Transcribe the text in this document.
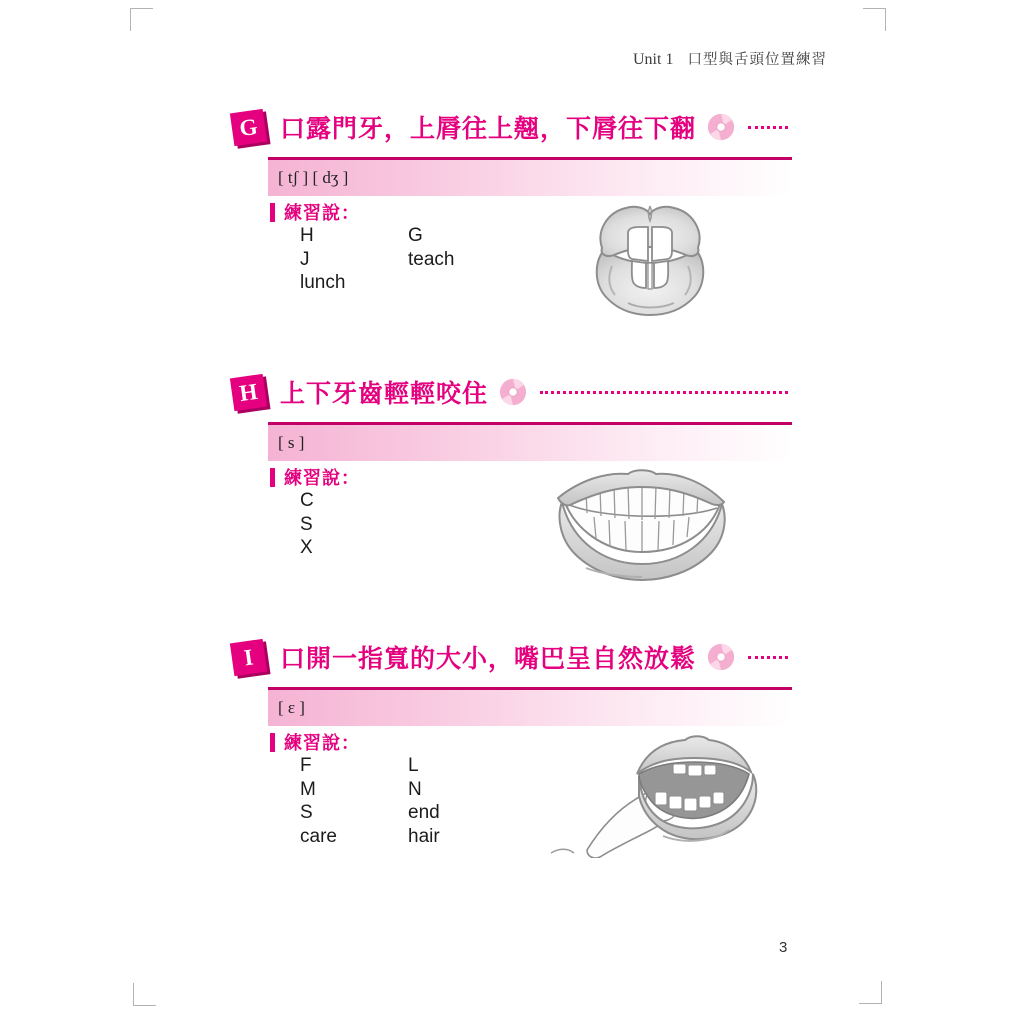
Unit 1 口型與舌頭位置練習
G 口露門牙，上脣往上翹，下脣往下翻
[ tʃ ] [ dʒ ]
練習說：
H
J
lunch
G
teach
H 上下牙齒輕輕咬住
[ s ]
練習說：
C
S
X
I 口開一指寬的大小，嘴巴呈自然放鬆
[ ɛ ]
練習說：
F
M
S
care
L
N
end
hair
3
